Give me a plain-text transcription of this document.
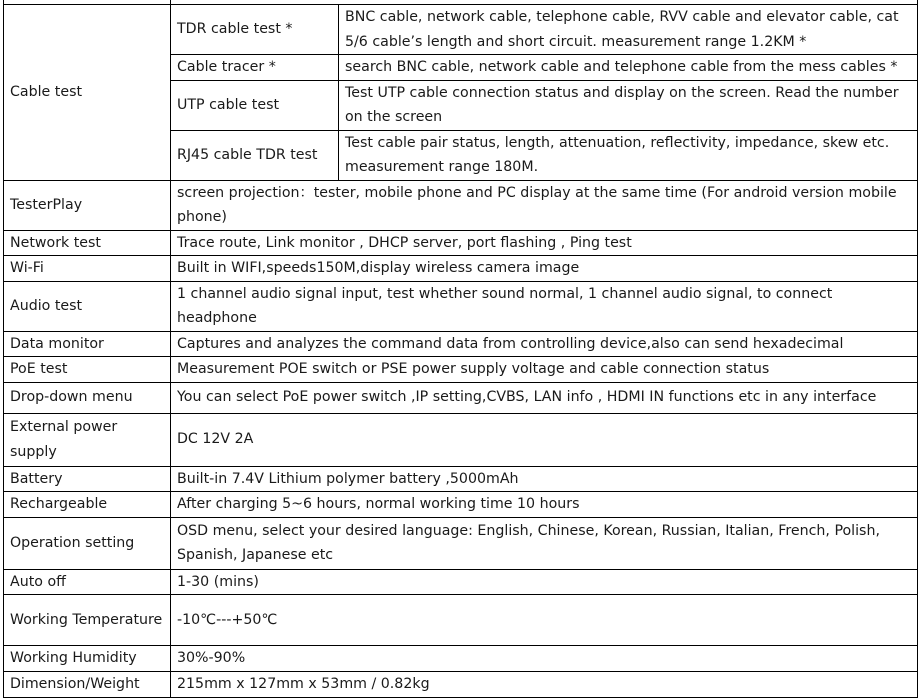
Cable test	TDR cable test *	BNC cable, network cable, telephone cable, RVV cable and elevator cable, cat 5/6 cable’s length and short circuit. measurement range 1.2KM *
	Cable tracer *	search BNC cable, network cable and telephone cable from the mess cables *
	UTP cable test	Test UTP cable connection status and display on the screen. Read the number on the screen
	RJ45 cable TDR test	Test cable pair status, length, attenuation, reflectivity, impedance, skew etc. measurement range 180M.
TesterPlay	screen projection：tester, mobile phone and PC display at the same time (For android version mobile phone)	
Network test	Trace route, Link monitor , DHCP server, port flashing , Ping test	
Wi-Fi	Built in WIFI,speeds150M,display wireless camera image	
Audio test	1 channel audio signal input, test whether sound normal, 1 channel audio signal, to connect headphone	
Data monitor	Captures and analyzes the command data from controlling device,also can send hexadecimal	
PoE test	Measurement POE switch or PSE power supply voltage and cable connection status	
Drop-down menu	You can select PoE power switch ,IP setting,CVBS, LAN info , HDMI IN functions etc in any interface	
External power supply	DC 12V 2A	
Battery	Built-in 7.4V Lithium polymer battery ,5000mAh	
Rechargeable	After charging 5~6 hours, normal working time 10 hours	
Operation setting	OSD menu, select your desired language: English, Chinese, Korean, Russian, Italian, French, Polish, Spanish, Japanese etc	
Auto off	1-30 (mins)	
Working Temperature	-10℃---+50℃	
Working Humidity	30%-90%	
Dimension/Weight	215mm x 127mm x 53mm / 0.82kg	
